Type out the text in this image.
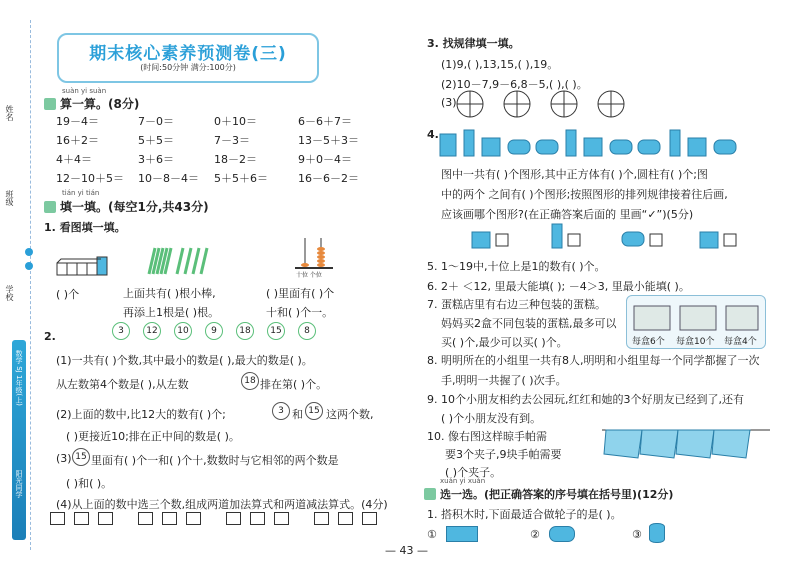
姓名
班级
学校
数学 SJ 1年级(上)
阳光同学
期末核心素养预测卷(三)
(时间:50分钟 满分:100分)
suàn yi suàn
算一算。(8分)
19－4＝	7－0＝	0＋10＝	6－6＋7＝
16＋2＝	5＋5＝	7－3＝	13－5＋3＝
4＋4＝	3＋6＝	18－2＝	9＋0－4＝
12－10＋5＝ 10－8－4＝ 5＋5＋6＝	16－6－2＝
tián yi tián
填一填。(每空1分,共43分)
1. 看图填一填。
( )个	上面共有( )根小棒,
再添上1根是( )根。
十位 个位
( )里面有( )个
十和( )个一。
2.	3	12	10	9	18	15	8
(1)一共有( )个数,其中最小的数是( ),最大的数是( )。
从左数第4个数是( ),从左数	18 排在第( )个。
(2)上面的数中,比12大的数有( )个;	3 和 15 这两个数,
( )更接近10;排在正中间的数是( )。
(3) 15 里面有( )个一和( )个十,数数时与它相邻的两个数是
( )和( )。
(4)从上面的数中选三个数,组成两道加法算式和两道减法算式。(4分)
3. 找规律填一填。
(1)9,( ),13,15,( ),19。
(2)10－7,9－6,8－5,( ),( )。
(3)
4.
图中一共有( )个图形,其中正方体有( )个,圆柱有( )个;图
中的两个 之间有( )个图形;按照图形的排列规律接着往后画,
应该画哪个图形?(在正确答案后面的 里画“✓”)(5分)
5. 1～19中,十位上是1的数有( )个。
6. 2＋ ＜12, 里最大能填( ); －4＞3, 里最小能填( )。
7. 蛋糕店里有右边三种包装的蛋糕。
妈妈买2盒不同包装的蛋糕,最多可以
买( )个,最少可以买( )个。	每盒6个 每盒10个 每盒4个
8. 明明所在的小组里一共有8人,明明和小组里每一个同学都握了一次
手,明明一共握了( )次手。
9. 10个小朋友相约去公园玩,红红和她的3个好朋友已经到了,还有
( )个小朋友没有到。
10. 像右图这样晾手帕需
要3个夹子,9块手帕需要
( )个夹子。
xuǎn yi xuǎn
选一选。(把正确答案的序号填在括号里)(12分)
1. 搭积木时,下面最适合做轮子的是( )。
①	②	③
— 43 —
